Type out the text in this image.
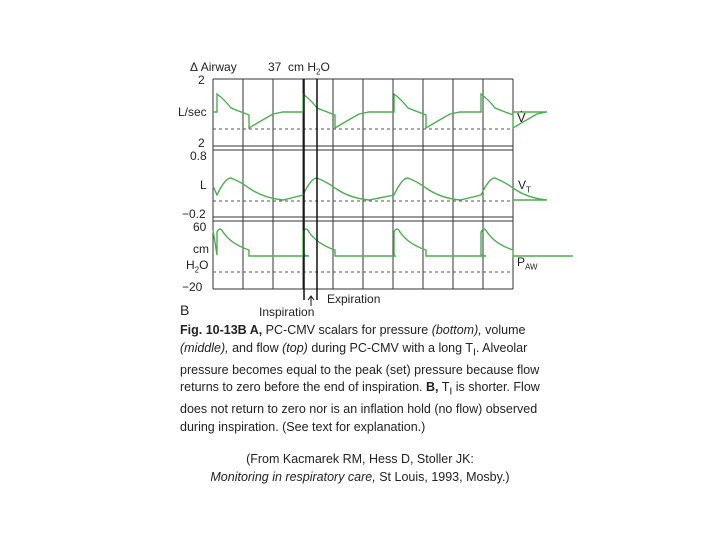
Δ Airway	37 cm $H_2O$
2
L/sec
2
V̇
0.8
L
−0.2
$V_T$
60
cm
$H_2O$
−20
$P_{AW}$
B	Inspiration
Expiration
Fig. 10-13B A, PC-CMV scalars for pressure (bottom), volume (middle), and flow (top) during PC-CMV with a long $T_I$. Alveolar pressure becomes equal to the peak (set) pressure because flow returns to zero before the end of inspiration. B, $T_I$ is shorter. Flow does not return to zero nor is an inflation hold (no flow) observed during inspiration. (See text for explanation.)
(From Kacmarek RM, Hess D, Stoller JK:
Monitoring in respiratory care, St Louis, 1993, Mosby.)
